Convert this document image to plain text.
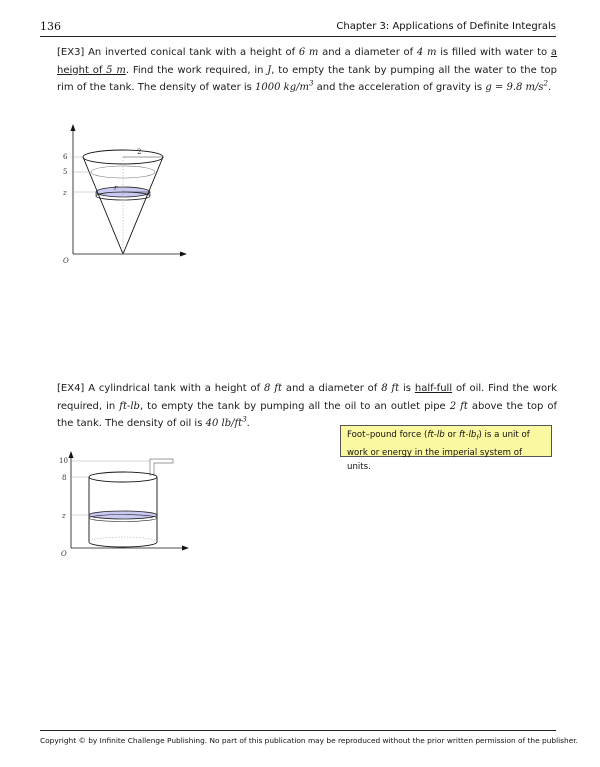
136	Chapter 3: Applications of Definite Integrals
[EX3] An inverted conical tank with a height of 6 m and a diameter of 4 m is filled with water to a height of 5 m. Find the work required, in J, to empty the tank by pumping all the water to the top rim of the tank. The density of water is 1000 $kg/m^3$ and the acceleration of gravity is g = 9.8 $m/s^2$.
6
5
z
2
r
O
[EX4] A cylindrical tank with a height of 8 ft and a diameter of 8 ft is half-full of oil. Find the work required, in ft-lb, to empty the tank by pumping all the oil to an outlet pipe 2 ft above the top of the tank. The density of oil is 40 $lb/ft^3$.
10
8
z
O
Foot–pound force (ft-lb or $ft-lb_f$) is a unit of work or energy in the imperial system of units.
Copyright © by Infinite Challenge Publishing. No part of this publication may be reproduced without the prior written permission of the publisher.
